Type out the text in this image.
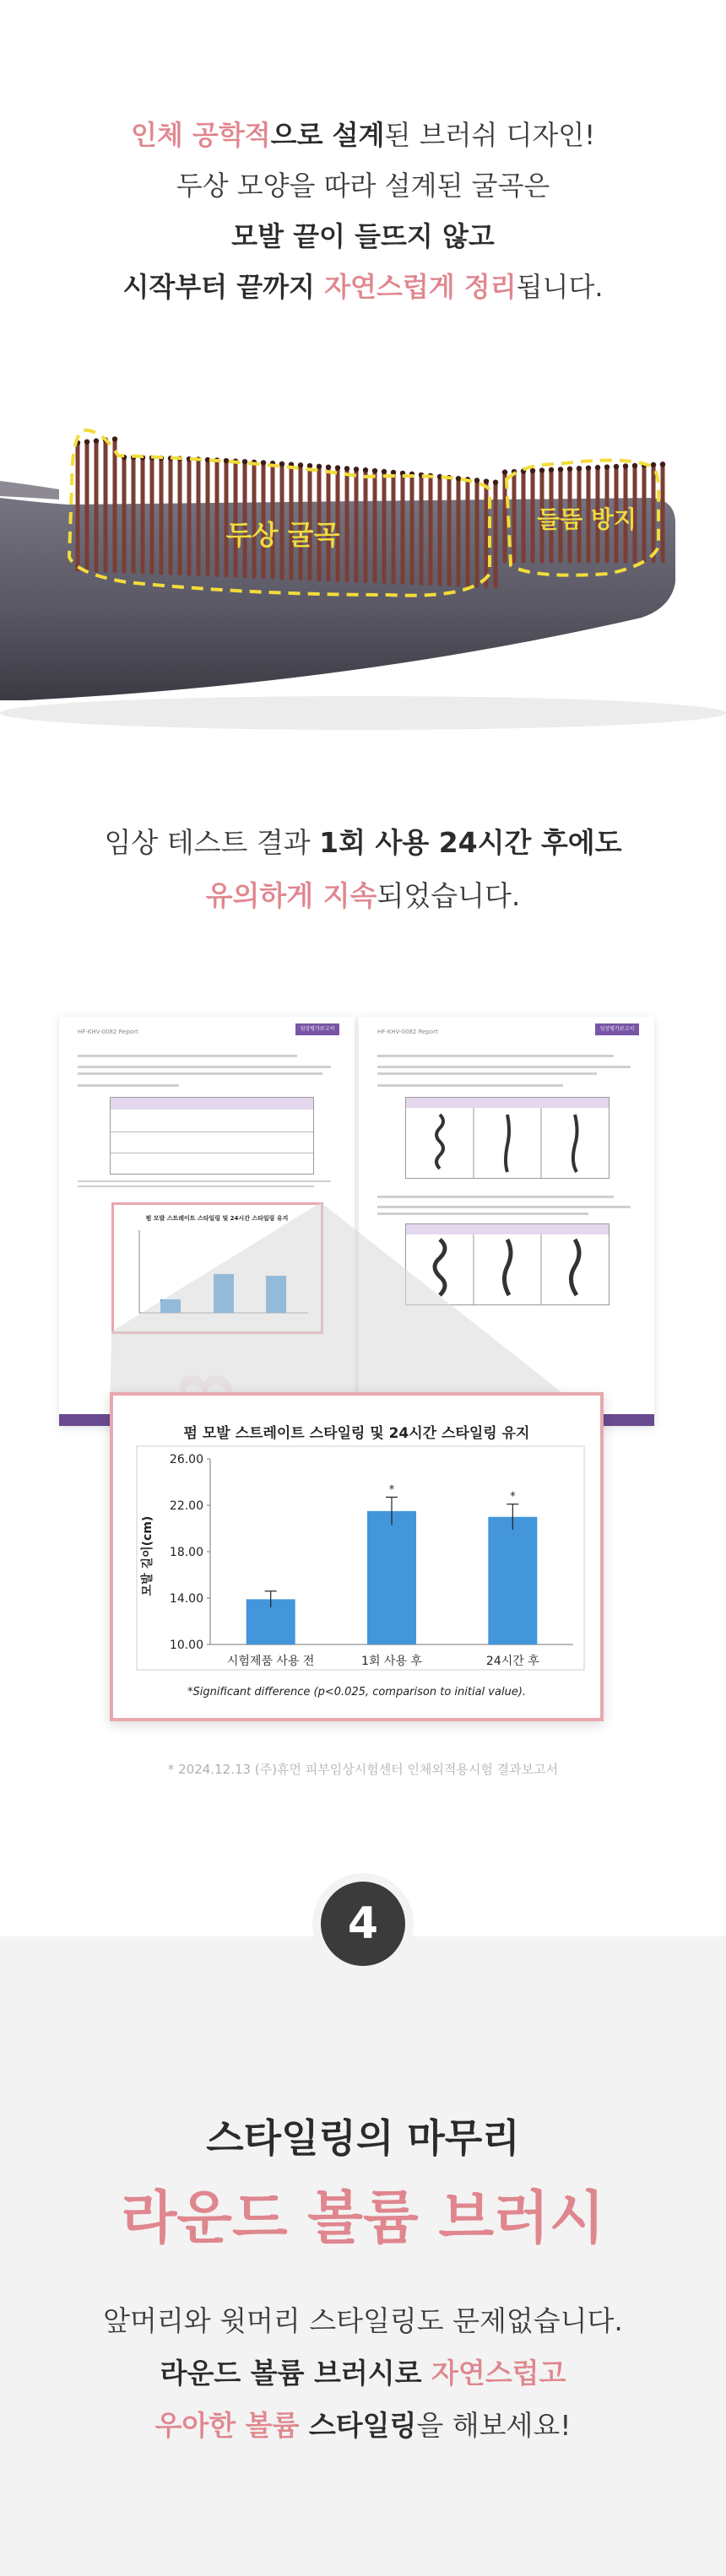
인체 공학적으로 설계된 브러쉬 디자인!
두상 모양을 따라 설계된 굴곡은
모발 끝이 들뜨지 않고
시작부터 끝까지 자연스럽게 정리됩니다.
두상 굴곡	들뜸 방지
임상 테스트 결과 1회 사용 24시간 후에도
유의하게 지속되었습니다.
HF-KHV-0082 Report	임상평가보고서	HF-KHV-0082 Report	임상평가보고서
펌 모발 스트레이트 스타일링 및 24시간 스타일링 유지
펌 모발 스트레이트 스타일링 및 24시간 스타일링 유지
모발 길이(cm)
10.00
14.00
18.00
22.00
26.00
시험제품 사용 전
*
1회 사용 후
*
24시간 후
*Significant difference (p<0.025, comparison to initial value).
* 2024.12.13 (주)휴먼 피부임상시험센터 인체외적용시험 결과보고서
4
스타일링의 마무리
라운드 볼륨 브러시
앞머리와 윗머리 스타일링도 문제없습니다.
라운드 볼륨 브러시로 자연스럽고
우아한 볼륨 스타일링을 해보세요!
